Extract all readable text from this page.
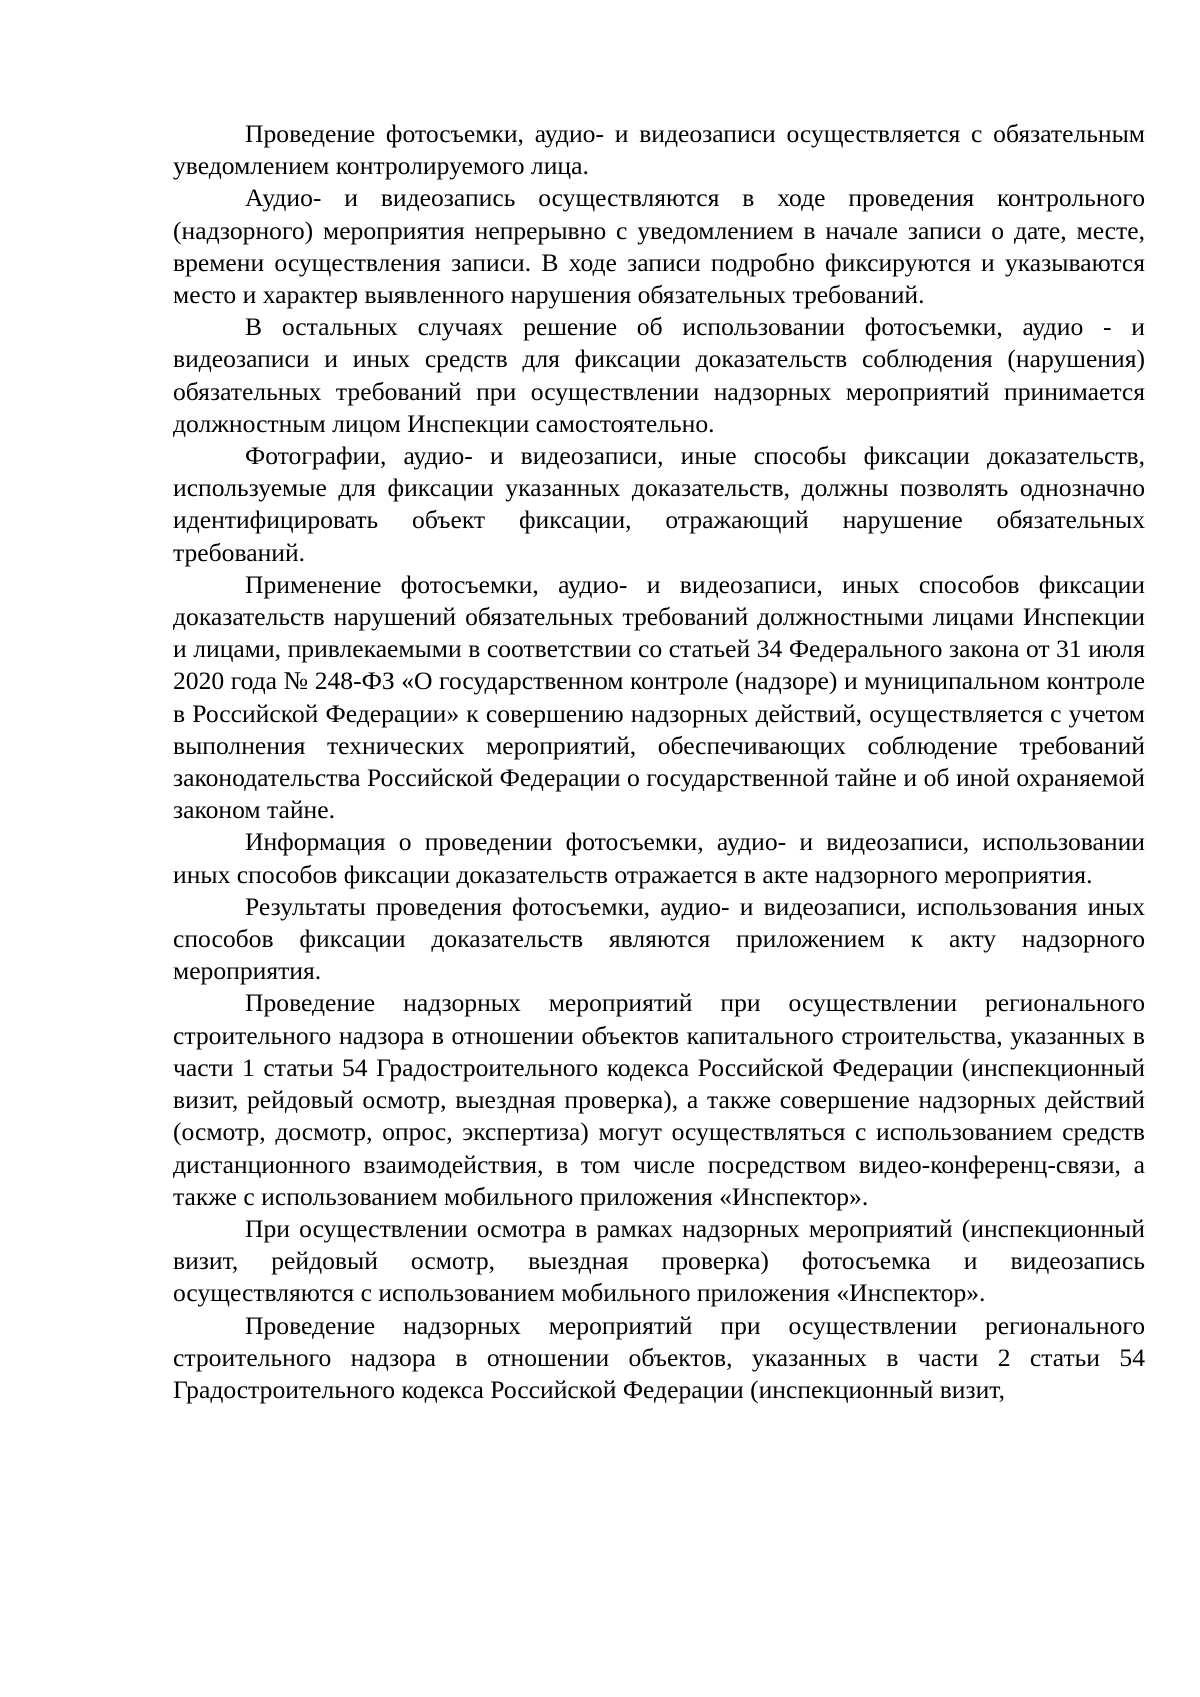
Проведение фотосъемки, аудио- и видеозаписи осуществляется с обязательным уведомлением контролируемого лица.

Аудио- и видеозапись осуществляются в ходе проведения контрольного (надзорного) мероприятия непрерывно с уведомлением в начале записи о дате, месте, времени осуществления записи. В ходе записи подробно фиксируются и указываются место и характер выявленного нарушения обязательных требований.

В остальных случаях решение об использовании фотосъемки, аудио - и видеозаписи и иных средств для фиксации доказательств соблюдения (нарушения) обязательных требований при осуществлении надзорных мероприятий принимается должностным лицом Инспекции самостоятельно.

Фотографии, аудио- и видеозаписи, иные способы фиксации доказательств, используемые для фиксации указанных доказательств, должны позволять однозначно идентифицировать объект фиксации, отражающий нарушение обязательных требований.

Применение фотосъемки, аудио- и видеозаписи, иных способов фиксации доказательств нарушений обязательных требований должностными лицами Инспекции и лицами, привлекаемыми в соответствии со статьей 34 Федерального закона от 31 июля 2020 года № 248-ФЗ «О государственном контроле (надзоре) и муниципальном контроле в Российской Федерации» к совершению надзорных действий, осуществляется с учетом выполнения технических мероприятий, обеспечивающих соблюдение требований законодательства Российской Федерации о государственной тайне и об иной охраняемой законом тайне.

Информация о проведении фотосъемки, аудио- и видеозаписи, использовании иных способов фиксации доказательств отражается в акте надзорного мероприятия.

Результаты проведения фотосъемки, аудио- и видеозаписи, использования иных способов фиксации доказательств являются приложением к акту надзорного мероприятия.

Проведение надзорных мероприятий при осуществлении регионального строительного надзора в отношении объектов капитального строительства, указанных в части 1 статьи 54 Градостроительного кодекса Российской Федерации (инспекционный визит, рейдовый осмотр, выездная проверка), а также совершение надзорных действий (осмотр, досмотр, опрос, экспертиза) могут осуществляться с использованием средств дистанционного взаимодействия, в том числе посредством видео-конференц-связи, а также с использованием мобильного приложения «Инспектор».

При осуществлении осмотра в рамках надзорных мероприятий (инспекционный визит, рейдовый осмотр, выездная проверка) фотосъемка и видеозапись осуществляются с использованием мобильного приложения «Инспектор».

Проведение надзорных мероприятий при осуществлении регионального строительного надзора в отношении объектов, указанных в части 2 статьи 54 Градостроительного кодекса Российской Федерации (инспекционный визит,
